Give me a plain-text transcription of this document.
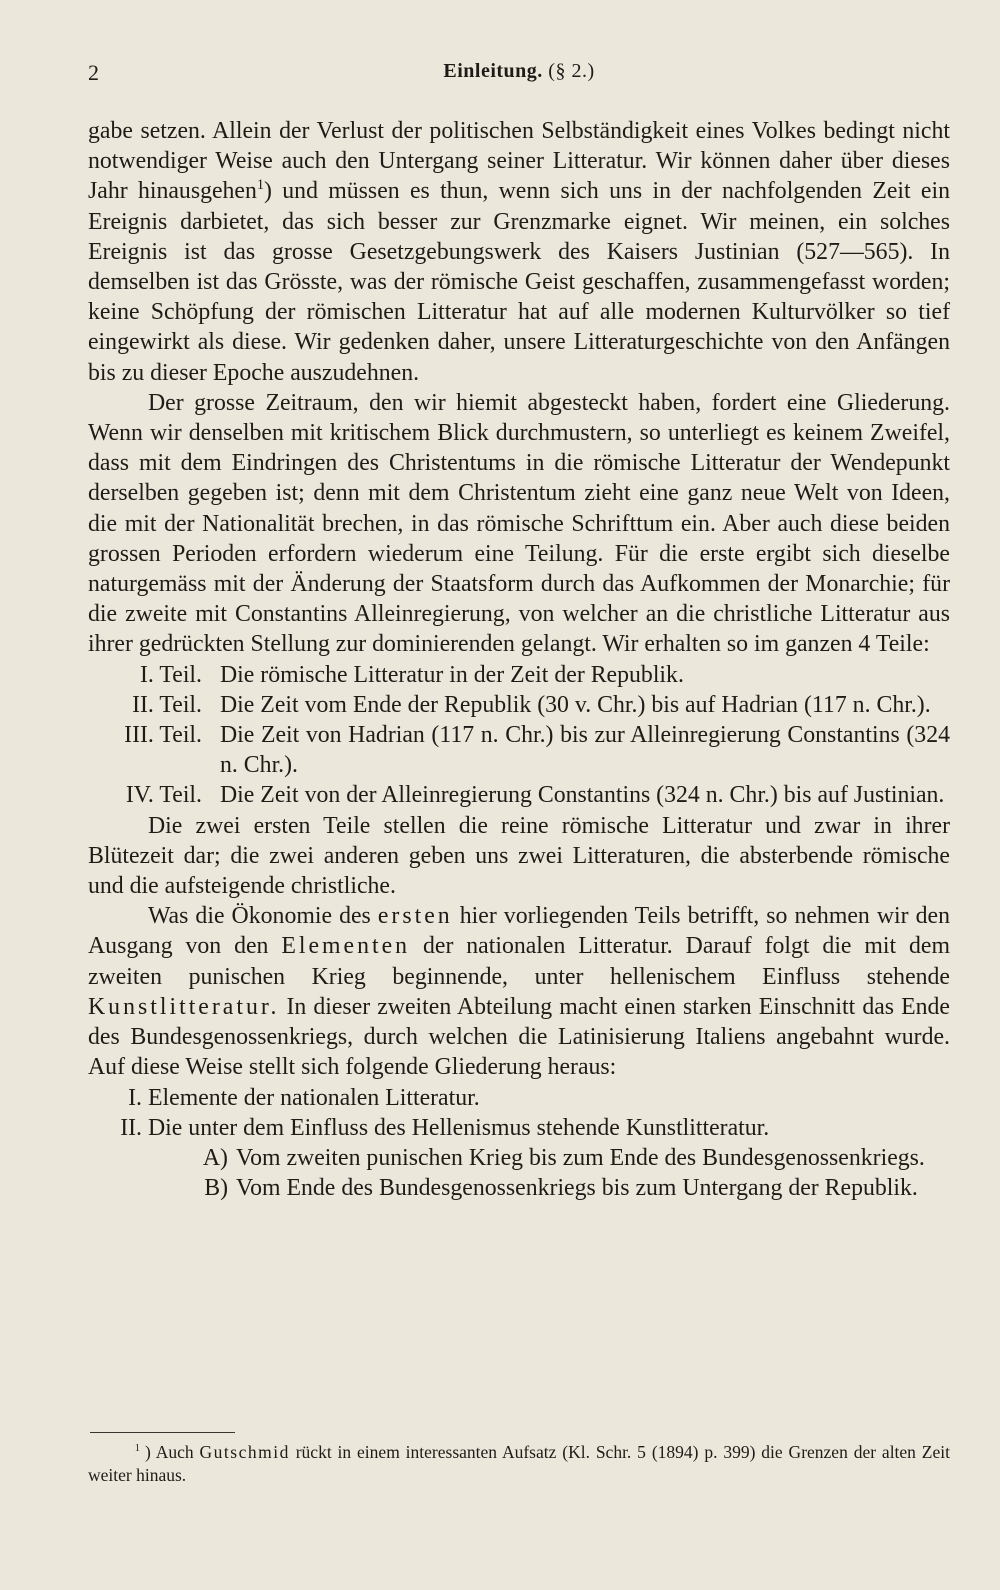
2	Einleitung. (§ 2.)

gabe setzen. Allein der Verlust der politischen Selbständigkeit eines Volkes bedingt nicht notwendiger Weise auch den Untergang seiner Litteratur. Wir können daher über dieses Jahr hinausgehen$^1$) und müssen es thun, wenn sich uns in der nachfolgenden Zeit ein Ereignis darbietet, das sich besser zur Grenzmarke eignet. Wir meinen, ein solches Ereignis ist das grosse Gesetzgebungswerk des Kaisers Justinian (527—565). In demselben ist das Grösste, was der römische Geist geschaffen, zusammengefasst worden; keine Schöpfung der römischen Litteratur hat auf alle modernen Kulturvölker so tief eingewirkt als diese. Wir gedenken daher, unsere Litteraturgeschichte von den Anfängen bis zu dieser Epoche auszudehnen.

Der grosse Zeitraum, den wir hiemit abgesteckt haben, fordert eine Gliederung. Wenn wir denselben mit kritischem Blick durchmustern, so unterliegt es keinem Zweifel, dass mit dem Eindringen des Christentums in die römische Litteratur der Wendepunkt derselben gegeben ist; denn mit dem Christentum zieht eine ganz neue Welt von Ideen, die mit der Nationalität brechen, in das römische Schrifttum ein. Aber auch diese beiden grossen Perioden erfordern wiederum eine Teilung. Für die erste ergibt sich dieselbe naturgemäss mit der Änderung der Staatsform durch das Aufkommen der Monarchie; für die zweite mit Constantins Alleinregierung, von welcher an die christliche Litteratur aus ihrer gedrückten Stellung zur dominierenden gelangt. Wir erhalten so im ganzen 4 Teile:

I. Teil. Die römische Litteratur in der Zeit der Republik.
II. Teil. Die Zeit vom Ende der Republik (30 v. Chr.) bis auf Hadrian (117 n. Chr.).
III. Teil. Die Zeit von Hadrian (117 n. Chr.) bis zur Alleinregierung Constantins (324 n. Chr.).
IV. Teil. Die Zeit von der Alleinregierung Constantins (324 n. Chr.) bis auf Justinian.

Die zwei ersten Teile stellen die reine römische Litteratur und zwar in ihrer Blütezeit dar; die zwei anderen geben uns zwei Litteraturen, die absterbende römische und die aufsteigende christliche.

Was die Ökonomie des ersten hier vorliegenden Teils betrifft, so nehmen wir den Ausgang von den Elementen der nationalen Litteratur. Darauf folgt die mit dem zweiten punischen Krieg beginnende, unter hellenischem Einfluss stehende Kunstlitteratur. In dieser zweiten Abteilung macht einen starken Einschnitt das Ende des Bundesgenossenkriegs, durch welchen die Latinisierung Italiens angebahnt wurde. Auf diese Weise stellt sich folgende Gliederung heraus:

I. Elemente der nationalen Litteratur.
II. Die unter dem Einfluss des Hellenismus stehende Kunstlitteratur.
A) Vom zweiten punischen Krieg bis zum Ende des Bundesgenossenkriegs.
B) Vom Ende des Bundesgenossenkriegs bis zum Untergang der Republik.
$^1$ ) Auch Gutschmid rückt in einem interessanten Aufsatz (Kl. Schr. 5 (1894) p. 399) die Grenzen der alten Zeit weiter hinaus.
